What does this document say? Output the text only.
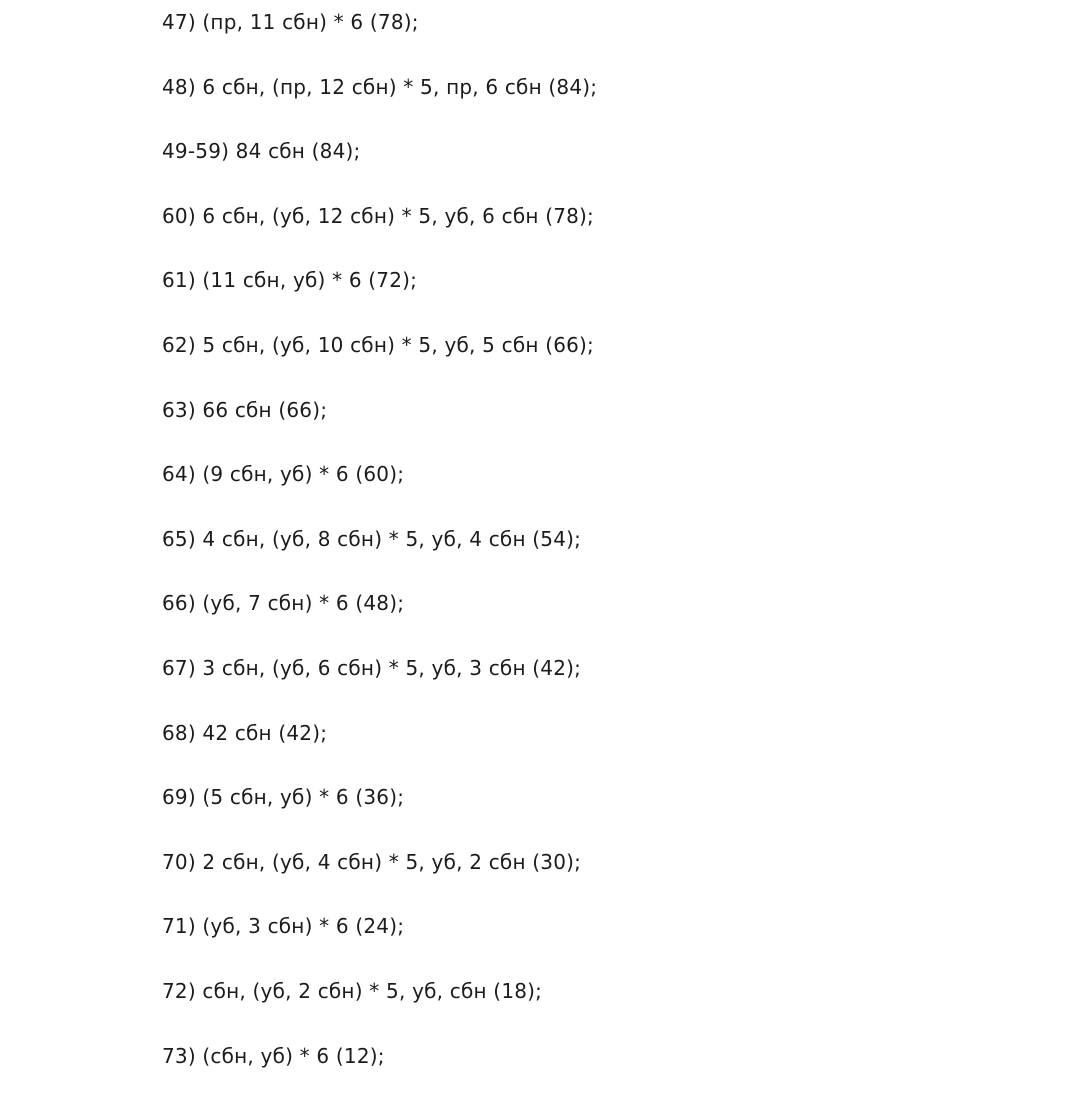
47) (пр, 11 сбн) * 6 (78);
48) 6 сбн, (пр, 12 сбн) * 5, пр, 6 сбн (84);
49-59) 84 сбн (84);
60) 6 сбн, (уб, 12 сбн) * 5, уб, 6 сбн (78);
61) (11 сбн, уб) * 6 (72);
62) 5 сбн, (уб, 10 сбн) * 5, уб, 5 сбн (66);
63) 66 сбн (66);
64) (9 сбн, уб) * 6 (60);
65) 4 сбн, (уб, 8 сбн) * 5, уб, 4 сбн (54);
66) (уб, 7 сбн) * 6 (48);
67) 3 сбн, (уб, 6 сбн) * 5, уб, 3 сбн (42);
68) 42 сбн (42);
69) (5 сбн, уб) * 6 (36);
70) 2 сбн, (уб, 4 сбн) * 5, уб, 2 сбн (30);
71) (уб, 3 сбн) * 6 (24);
72) сбн, (уб, 2 сбн) * 5, уб, сбн (18);
73) (сбн, уб) * 6 (12);
